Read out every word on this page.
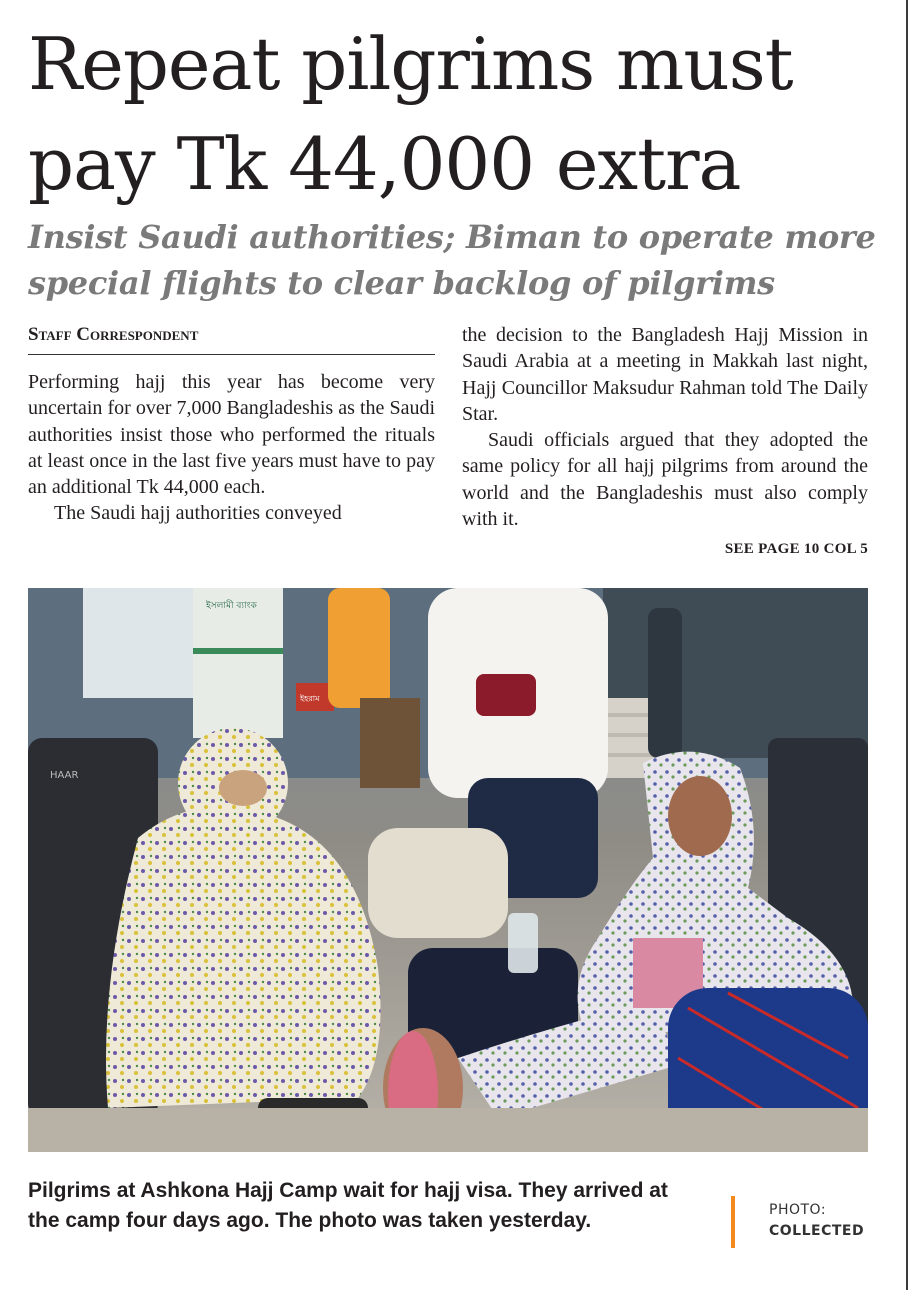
Repeat pilgrims must pay Tk 44,000 extra
Insist Saudi authorities; Biman to operate more special flights to clear backlog of pilgrims
Staff Correspondent

Performing hajj this year has become very uncertain for over 7,000 Bangladeshis as the Saudi authorities insist those who performed the rituals at least once in the last five years must have to pay an additional Tk 44,000 each.

The Saudi hajj authorities conveyed

the decision to the Bangladesh Hajj Mission in Saudi Arabia at a meeting in Makkah last night, Hajj Councillor Maksudur Rahman told The Daily Star.

Saudi officials argued that they adopted the same policy for all hajj pilgrims from around the world and the Bangladeshis must also comply with it.

SEE PAGE 10 COL 5
ইসলামী ব্যাংক
ইহরাম
HAAR

Pilgrims at Ashkona Hajj Camp wait for hajj visa. They arrived at the camp four days ago. The photo was taken yesterday.	PHOTO:
COLLECTED
